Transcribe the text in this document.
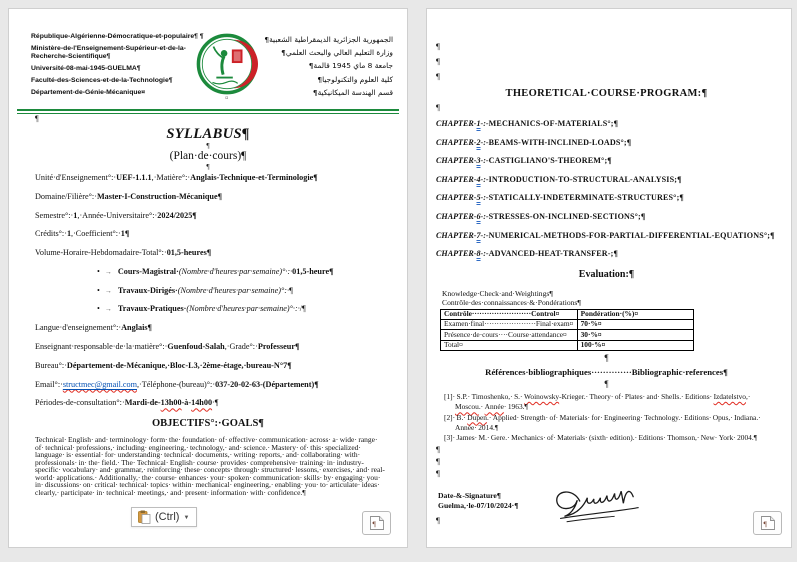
République-Algérienne-Démocratique-et-populaire¶ ¶
Ministère-de-l'Enseignement-Supérieur-et-de-la-
Recherche-Scientifique¶
Université-08-mai-1945-GUELMA¶
Faculté-des-Sciences-et-de-la-Technologie¶
Département-de-Génie-Mécanique¤
¤
الجمهورية الجزائرية الديمقراطية الشعبية¶
وزارة التعليم العالي والبحث العلمي¶
جامعة 8 ماي 1945 قالمة¶
كلية العلوم والتكنولوجيا¶
قسم الهندسة الميكانيكية¶
¶
SYLLABUS¶
¶
(Plan·de·cours)¶
¶
Unité·d'Enseignement°:·UEF-1.1.1,·Matière°:·Anglais-Technique-et-Terminologie¶
Domaine/Filière°:·Master-I-Construction-Mécanique¶
Semestre°:·1,·Année-Universitaire°:·2024/2025¶
Crédits°:·1,·Coefficient°:·1¶
Volume-Horaire-Hebdomadaire-Total°:·01,5-heures¶
• → Cours-Magistral·(Nombre·d'heures·par·semaine)°·:·01,5-heure¶
• → Travaux-Dirigés·(Nombre·d'heures·par·semaine)°:·¶
• → Travaux-Pratiques·(Nombre·d'heures·par·semaine)°·:·/¶
Langue·d'enseignement°:·Anglais¶
Enseignant·responsable·de·la·matière°:·Guenfoud-Salah,·Grade°:·Professeur¶
Bureau°:·Département-de-Mécanique,·Bloc-L3,·2ème-étage,·bureau-N°7¶
Email°:·structmec@gmail.com,·Téléphone-(bureau)°:·037-20-02-63-(Département)¶
Périodes-de-consultation°:·Mardi-de-13h00-à-14h00·¶
OBJECTIFS°:·GOALS¶
Technical· English· and· terminology· form· the· foundation· of· effective· communication· across· a· wide· range· of· technical· professions,· including· engineering,· technology,· and· science.· Mastery· of· this· specialized· language· is· essential· for· understanding· technical· documents,· writing· reports,· and· collaborating· with· professionals· in· the· field.· The· Technical· English· course· provides· comprehensive· training· in· industry-specific· vocabulary· and· grammar,· reinforcing· these· concepts· through· structured· lessons,· exercises,· and· real-world· applications.· Additionally,· the· course· enhances· your· spoken· communication· skills· by· engaging· you· in· discussions· on· critical· technical· topics· within· mechanical· engineering,· enabling· you· to· articulate· ideas· clearly,· participate· in· technical· meetings,· and· present· information· with· confidence.¶
(Ctrl) ▼
¶
¶
¶
¶
THEORETICAL·COURSE·PROGRAM:¶
¶
CHAPTER-1-:-MECHANICS-OF-MATERIALS°;¶
CHAPTER-2-:-BEAMS-WITH-INCLINED-LOADS°;¶
CHAPTER-3-:-CASTIGLIANO'S-THEOREM°;¶
CHAPTER-4-:-INTRODUCTION-TO-STRUCTURAL-ANALYSIS;¶
CHAPTER-5-:-STATICALLY-INDETERMINATE-STRUCTURES°;¶
CHAPTER-6-:-STRESSES-ON-INCLINED-SECTIONS°;¶
CHAPTER-7-:-NUMERICAL-METHODS-FOR-PARTIAL-DIFFERENTIAL-EQUATIONS°;¶
CHAPTER-8-:-ADVANCED-HEAT-TRANSFER-;¶
Evaluation:¶
Knowledge·Check·and·Weightings¶
Contrôle·des·connaissances·&·Pondérations¶
Contrôle························Control¤	Pondération·(%)¤
Examen·final·····················Final·exam¤	70·%¤
Présence·de·cours····Course·attendance¤	30·%¤
Total¤	100·%¤
¶
Références·bibliographiques··············Bibliographic·references¶
¶
[1]· S.P.· Timoshenko,· S.· Woinowsky-Krieger.· Theory· of· Plates· and· Shells.· Editions· Izdatelstvo,· Moscou.· Année· 1963.¶
[2]· B.· Dupen.· Applied· Strength· of· Materials· for· Engineering· Technology.· Editions· Opus,· Indiana.· Année· 2014.¶
[3]· James· M.· Gere.· Mechanics· of· Materials· (sixth· edition).· Editions· Thomson,· New· York· 2004.¶
¶
¶
¶
Date-&-Signature¶
Guelma,·le-07/10/2024·¶
¶	¶
